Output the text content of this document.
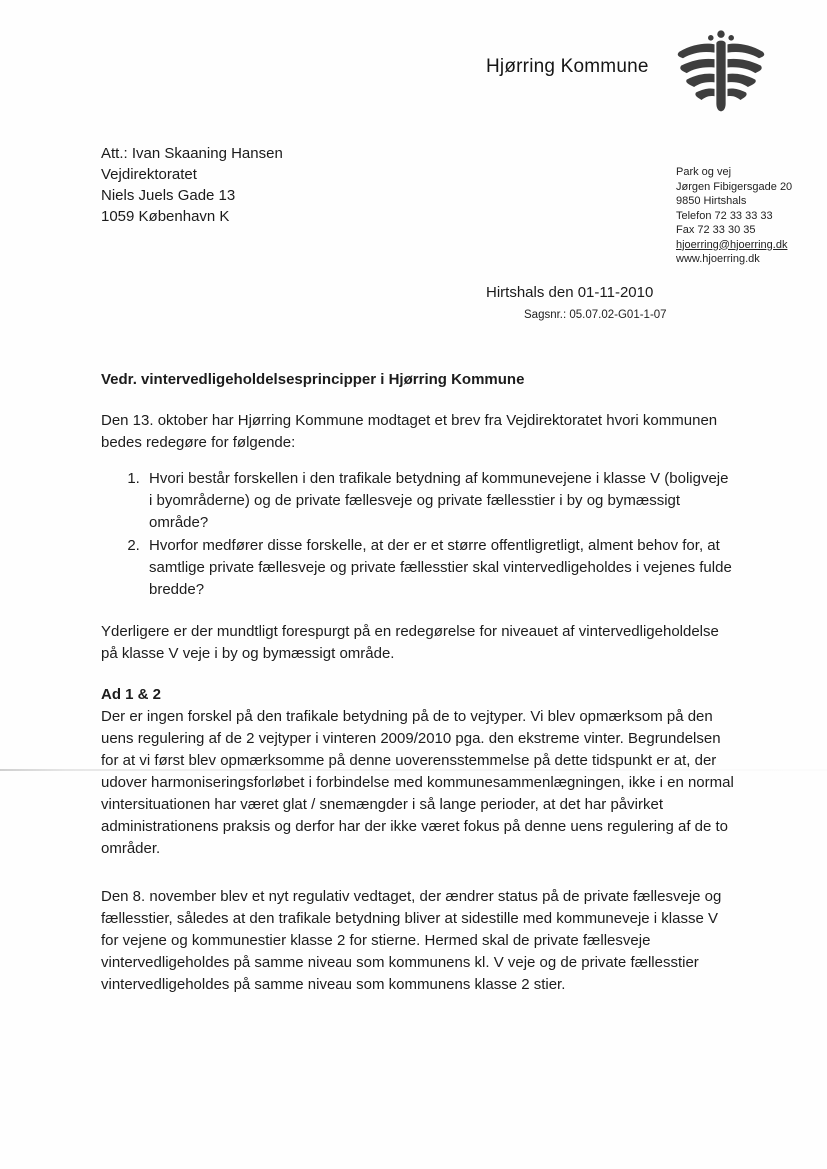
Hjørring Kommune
Att.: Ivan Skaaning Hansen
Vejdirektoratet
Niels Juels Gade 13
1059 København K
Park og vej
Jørgen Fibigersgade 20
9850 Hirtshals
Telefon 72 33 33 33
Fax 72 33 30 35
hjoerring@hjoerring.dk
www.hjoerring.dk
Hirtshals den 01-11-2010
Sagsnr.: 05.07.02-G01-1-07
Vedr. vintervedligeholdelsesprincipper i Hjørring Kommune
Den 13. oktober har Hjørring Kommune modtaget et brev fra Vejdirektoratet hvori kommunen bedes redegøre for følgende:
1. Hvori består forskellen i den trafikale betydning af kommunevejene i klasse V (boligveje i byområderne) og de private fællesveje og private fællesstier i by og bymæssigt område?
2. Hvorfor medfører disse forskelle, at der er et større offentligretligt, alment behov for, at samtlige private fællesveje og private fællesstier skal vintervedligeholdes i vejenes fulde bredde?
Yderligere er der mundtligt forespurgt på en redegørelse for niveauet af vintervedligeholdelse på klasse V veje i by og bymæssigt område.
Ad 1 & 2
Der er ingen forskel på den trafikale betydning på de to vejtyper. Vi blev opmærksom på den uens regulering af de 2 vejtyper i vinteren 2009/2010 pga. den ekstreme vinter. Begrundelsen for at vi først blev opmærksomme på denne uoverensstemmelse på dette tidspunkt er at, der udover harmoniseringsforløbet i forbindelse med kommunesammenlægningen, ikke i en normal vintersituationen har været glat / snemængder i så lange perioder, at det har påvirket administrationens praksis og derfor har der ikke været fokus på denne uens regulering af de to områder.
Den 8. november blev et nyt regulativ vedtaget, der ændrer status på de private fællesveje og fællesstier, således at den trafikale betydning bliver at sidestille med kommuneveje i klasse V for vejene og kommunestier klasse 2 for stierne. Hermed skal de private fællesveje vintervedligeholdes på samme niveau som kommunens kl. V veje og de private fællesstier vintervedligeholdes på samme niveau som kommunens klasse 2 stier.
